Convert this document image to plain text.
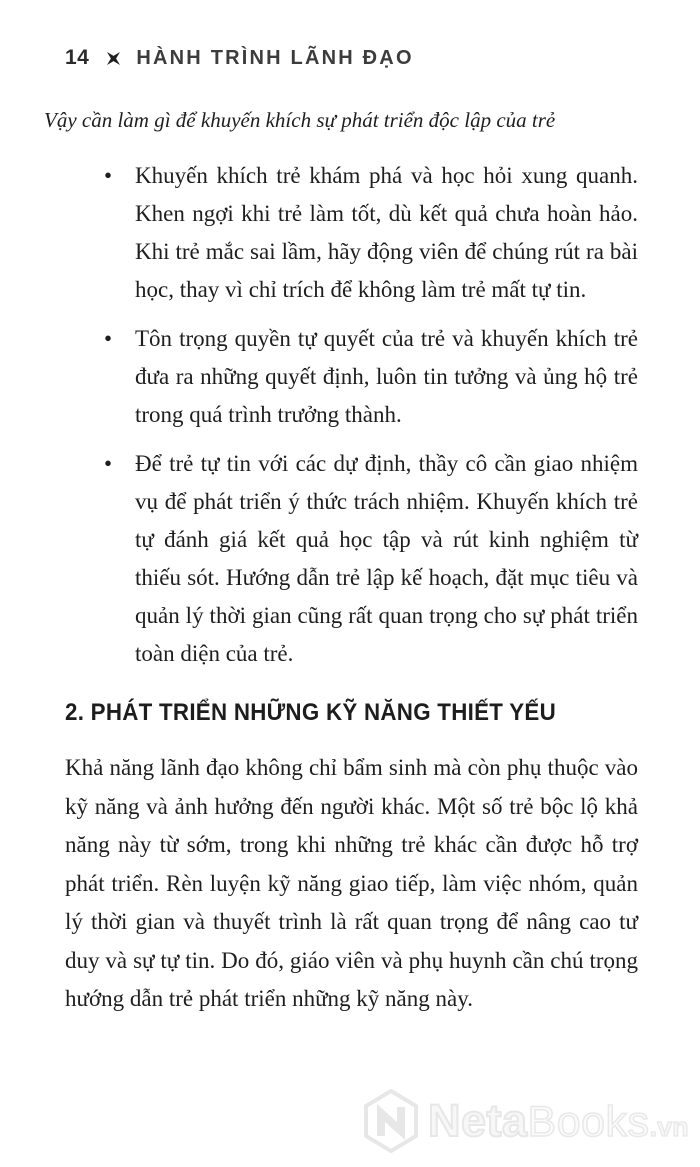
14 HÀNH TRÌNH LÃNH ĐẠO

Vậy cần làm gì để khuyến khích sự phát triển độc lập của trẻ

• Khuyến khích trẻ khám phá và học hỏi xung quanh. Khen ngợi khi trẻ làm tốt, dù kết quả chưa hoàn hảo. Khi trẻ mắc sai lầm, hãy động viên để chúng rút ra bài học, thay vì chỉ trích để không làm trẻ mất tự tin.
• Tôn trọng quyền tự quyết của trẻ và khuyến khích trẻ đưa ra những quyết định, luôn tin tưởng và ủng hộ trẻ trong quá trình trưởng thành.
• Để trẻ tự tin với các dự định, thầy cô cần giao nhiệm vụ để phát triển ý thức trách nhiệm. Khuyến khích trẻ tự đánh giá kết quả học tập và rút kinh nghiệm từ thiếu sót. Hướng dẫn trẻ lập kế hoạch, đặt mục tiêu và quản lý thời gian cũng rất quan trọng cho sự phát triển toàn diện của trẻ.
2. PHÁT TRIỂN NHỮNG KỸ NĂNG THIẾT YẾU

Khả năng lãnh đạo không chỉ bẩm sinh mà còn phụ thuộc vào kỹ năng và ảnh hưởng đến người khác. Một số trẻ bộc lộ khả năng này từ sớm, trong khi những trẻ khác cần được hỗ trợ phát triển. Rèn luyện kỹ năng giao tiếp, làm việc nhóm, quản lý thời gian và thuyết trình là rất quan trọng để nâng cao tư duy và sự tự tin. Do đó, giáo viên và phụ huynh cần chú trọng hướng dẫn trẻ phát triển những kỹ năng này.

NetaBooks.vn
